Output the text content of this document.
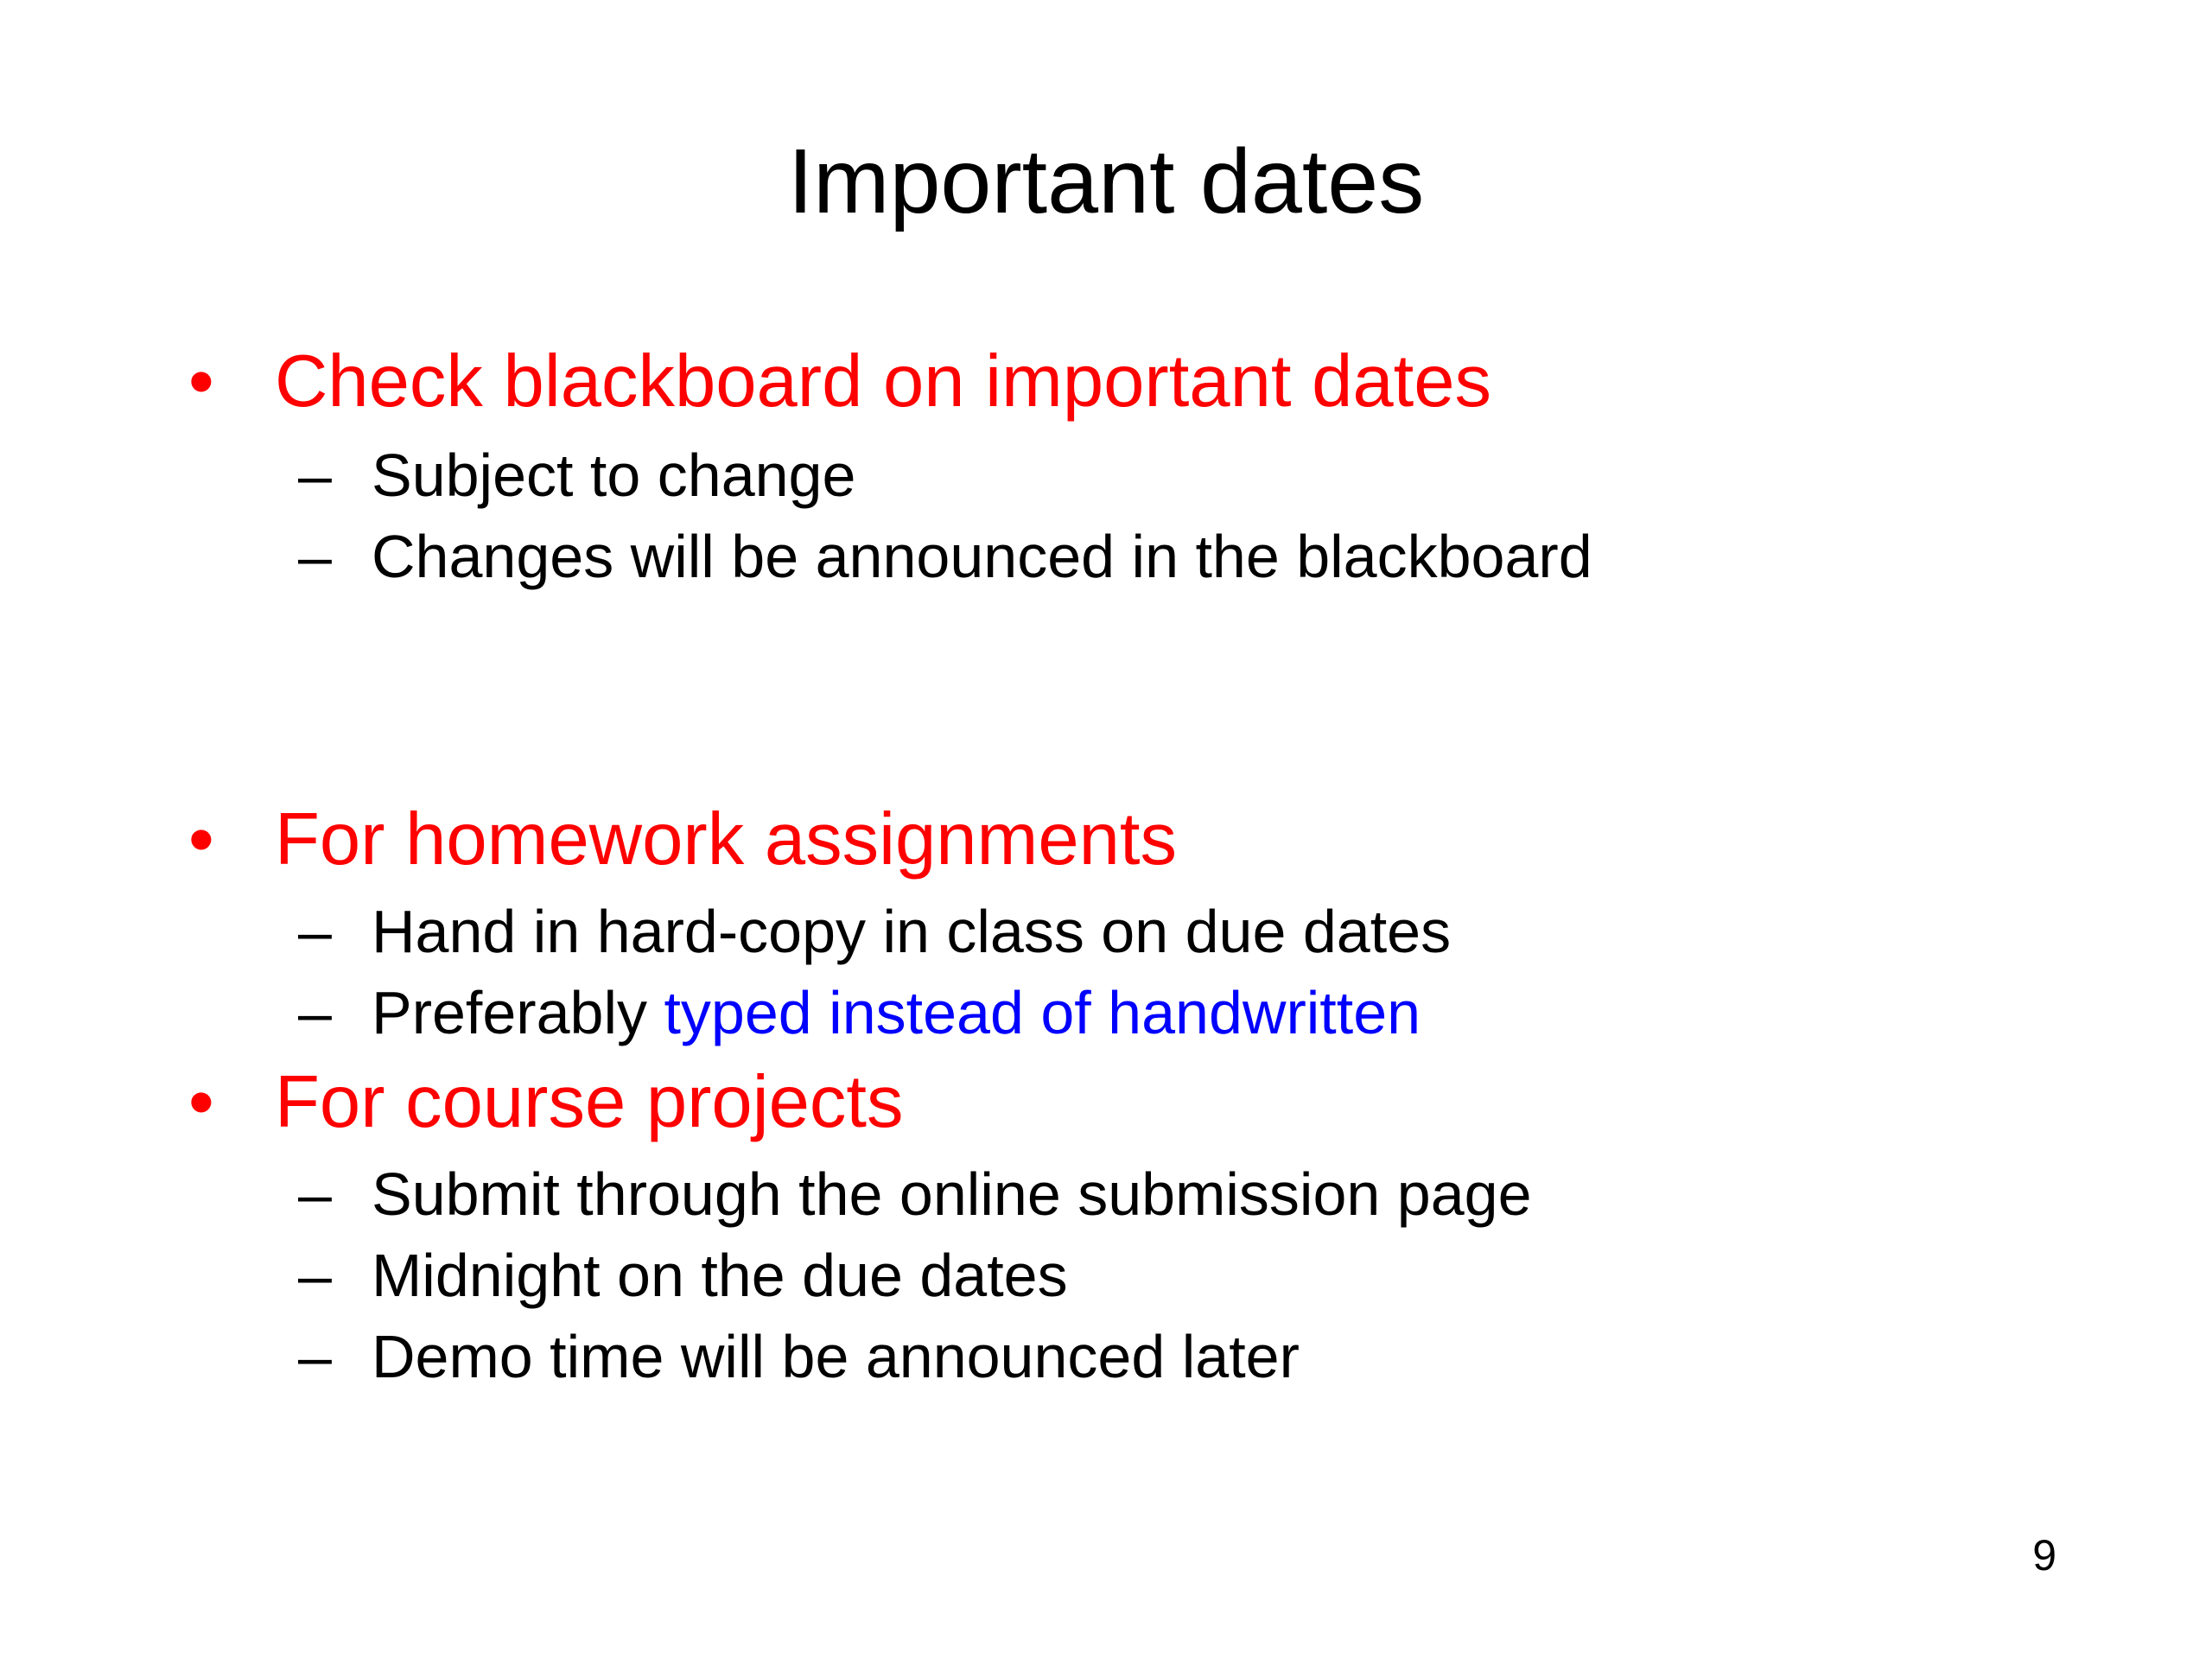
Important dates
• Check blackboard on important dates
– Subject to change
– Changes will be announced in the blackboard
• For homework assignments
– Hand in hard-copy in class on due dates
– Preferably typed instead of handwritten
• For course projects
– Submit through the online submission page
– Midnight on the due dates
– Demo time will be announced later
9
